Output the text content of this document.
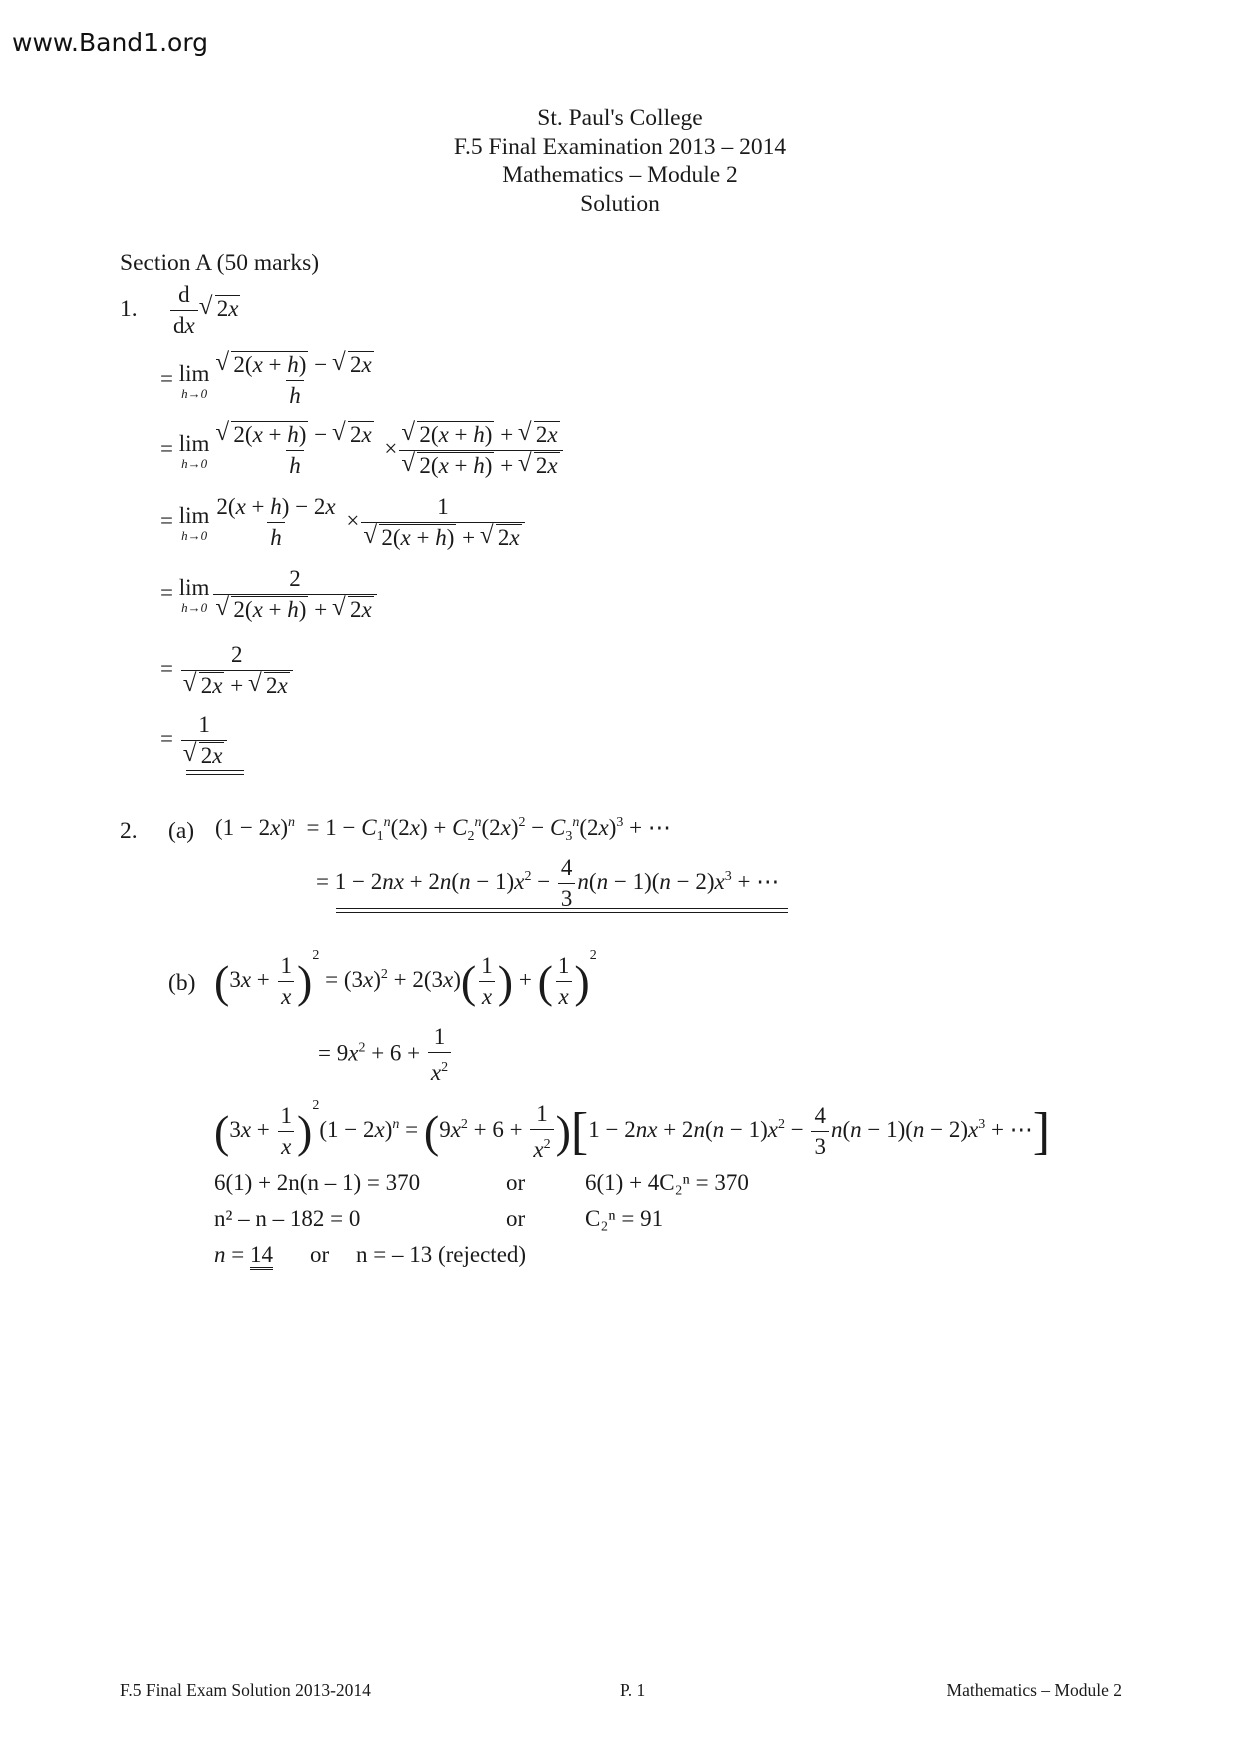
www.Band1.org
St. Paul's College
F.5 Final Examination 2013 – 2014
Mathematics – Module 2
Solution
Section A (50 marks)
1. $\frac{d}{dx}$ √ 2x
= lim
h→0 √ $\frac{2(x + h) - √ 2x}{h}$
= lim
h→0 √ $\frac{2(x + h) - √ 2x}{h}$ × √ 2(x + h) + √ 2x
√ 2(x + h) + √ 2x
= lim
$h\to 0 \frac{2(x + h) - 2x}{h} \times 1$
√ 2(x + h) + √ 2x
= lim
h→0 2
√ 2(x + h) + √ 2x
= 2
√ 2x + √ 2x
= 1
√ 2x
2. (a) $(1 - 2x)^n = 1 - C_1^n(2x) + C_2^n(2x)^2 - C_3^n(2x)^3$ + ⋯
= $1 - 2nx + 2n(n - 1)x^2 - \frac{4}{3} n(n - 1)(n - 2)x^3$ + ⋯
(b) $(3x + \frac{1}{x} )^2 = (3x)^2 + 2(3x)( \frac{1}{x}$ ) + ( $\frac{1}{x} )^2$
= $9x^2 + 6 + \frac{1}{x^2}$
$(3x + \frac{1}{x} )^2(1 - 2x)^n = (9x^2 + 6 + \frac{1}{x^2} )[1 - 2nx + 2n(n - 1)x^2 - \frac{4}{3} n(n - 1)(n - 2)x^3$ + ⋯]
6(1) + 2n(n – 1) = 370	or	6(1) + 4C₂ⁿ = 370
n² – n – 182 = 0	or	C₂ⁿ = 91
n = 14 or n = – 13 (rejected)
F.5 Final Exam Solution 2013-2014	P. 1	Mathematics – Module 2
